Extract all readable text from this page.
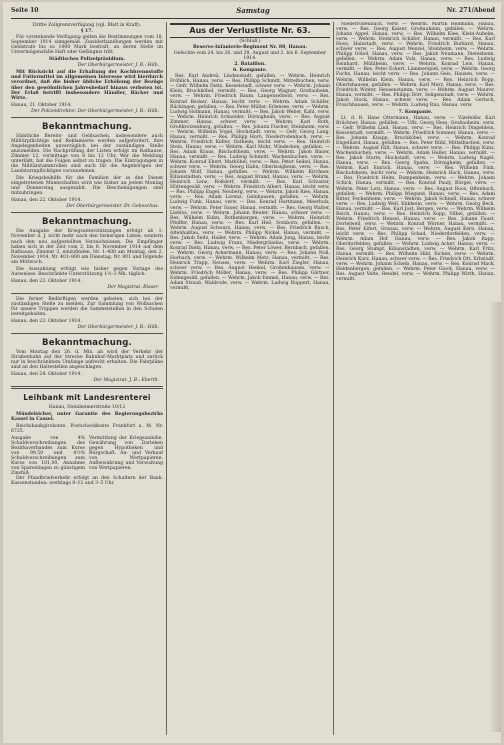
Seite 10	Samstag	Nr. 271/Abend
Dritte Zollgrenzverfügung (vgl. Blatt in Kraft).
§ 17.

Für vorstehende Verfügung gelten die Bestimmungen vom 18. September 1914 sinngemäß. Zuwiderhandlungen werden mit Geldstrafe bis zu 1000 Mark bestraft, an deren Stelle im Unvermögensfalle Haft oder Gefängnis tritt.

Städtisches Polizeipräsidium.
Der Oberbürgermeister. J. B.: Hilb.

Mit Rücksicht auf die Erhaltung der Kochhrennstoffe und Futtermittel im allgemeinen Interesse wird hierdurch verordnet, daß die bisher übliche Erhöhung der Bezüge über den gewöhnlichen Jahresbedarf hinaus verboten ist. Der Erlaß betrifft insbesondere Händler, Bäcker und Wirte.

Hanau, 21. Oktober 1914.
Der Polizeidirektor. Der Oberbürgermeister. J. B.: Hilb.
Bekanntmachung.

Sämtliche Bereits- und Geldsachen, insbesondere auch Militärpflichtige und Reklamierte werden aufgefordert, ihre Angelegenheiten unverzüglich bei der zuständigen Stelle anzumelden. Die Nachprüfung der Listen erfolgt im Rathause, Zimmer 12, vormittags von 8 bis 12 Uhr. Wer die Meldung unterläßt, hat die Folgen selbst zu tragen. Die Eintragungen in die Militärstammrollen sind auch für die Angehörigen der Landsturmpflichtigen vorzunehmen.

Die Kriegsbeihilfe für die Familien der in den Dienst eingetretenen Mannschaften wird wie bisher an jedem Montag und Donnerstag ausgezahlt. Die Bescheinigungen sind mitzubringen.

Hanau, den 22. Oktober 1914.
Der Oberbürgermeister. Dr. Gebeschus.
Bekanntmachung.

Die Ausgabe der Kriegsunterstützungen erfolgt ab 1. November d. J. nicht mehr nach den bisherigen Listen, sondern nach den neu aufgestellten Verzeichnissen. Die Empfänger haben sich in der Zeit vom 2. bis 6. November 1914 auf dem Rathause, Zimmer 3, einzufinden. Nr. 1–400 am Montag, den 2. November 1914, Nr. 401–800 am Dienstag, Nr. 801 und folgende am Mittwoch.

Die Auszahlung erfolgt wie bisher gegen Vorlage des Ausweises. Beschränkte Unterstützung 1½–3 Mk. täglich.

Hanau, den 23. Oktober 1914.
Der Magistrat. Blaser.

Die ferner Bedürftigen werden gebeten, sich bei der zuständigen Stelle zu melden. Zur Sammlung von Wollsachen für unsere Truppen werden die Sammelstellen in den Schulen bereitgehalten.

Hanau, den 23. Oktober 1914.
Der Oberbürgermeister. J. B.: Hilb.
Bekanntmachung.

Vom Montag den 26. d. Mts. ab wird der Verkehr der Straßenbahn auf der Strecke Bahnhof–Marktplatz und zurück nur in beschränktem Umfange aufrecht erhalten. Die Fahrpläne sind an den Haltestellen angeschlagen.

Hanau, den 24. Oktober 1914.
Der Magistrat. J. B.: Eberth.
Leihbank mit Landesrenterei
Hanau, Steinheimerstraße 10/12

Mündelsicher, unter Garantie des Regierungsbezirks Kassel in Cassel.

Reichsbankgirokonto. Postscheckkonto Frankfurt a. M. Nr. 6725.

Ausgabe von 4% Schuldverschreibungen des Bezirksverbandes zum Kurse von 99,50 und 4½% Schuldverschreibungen zum Kurse von 101,00. Annahme von Spareinlagen zu günstigem Zinsfuß.
Vermittlung der Kriegsanleihe. Gewährung von Darlehen gegen Hypotheken und Bürgschaft. An- und Verkauf von Wertpapieren. Aufbewahrung und Verwaltung von Wertpapieren.

Der Pfandbriefverkehr erfolgt an den Schaltern der Bank. Kassenstunden: werktags 8–12 und 3–5 Uhr.

Aus der Verlustliste Nr. 63.
(Schluß.)
Reserve-Infanterie-Regiment Nr. 88, Hanau.
Gefechte vom 24. bis 26. und 28. August und 2. bis 6. September 1914.
2. Bataillon.
6. Kompanie.

Res. Karl Andreä, Lindenstadt, gefallen. — Wehrm. Heinrich Fröhlich, Hanau, verw. — Res. Philipp Schmitt, Mittelbuchen, verw. — Gefr. Wilhelm Dietz, Kesselstadt, schwer verw. — Wehrm. Johann Klein, Bruchköbel, vermißt. — Res. Georg Wagner, Großauheim, verw. — Wehrm. Friedrich Baum, Langenselbold, verw. — Res. Konrad Becker, Hanau, leicht verw. — Wehrm. Adam Schäfer, Rückingen, gefallen. — Res. Peter Müller, Erlensee, verw. — Wehrm. Ludwig Hofmann, Hanau, vermißt. — Res. Jakob Weber, Kahl, verw. — Wehrm. Heinrich Schneider, Dörnigheim, verw. — Res. August Zimmer, Hanau, schwer verw. — Wehrm. Karl Roth, Großkrotzenburg, gefallen. — Res. Johann Fischer, Steinheim, verw. — Wehrm. Wilhelm Vogel, Hochstadt, verw. — Gefr. Georg Lang, Hanau, vermißt. — Res. Philipp Horn, Niederrodenbach, verw. — Wehrm. Friedrich Keller, Ostheim, leicht verw. — Res. Heinrich Stein, Hanau, verw. — Wehrm. Karl Mohr, Windecken, gefallen. — Res. Adam Kraus, Bischofsheim, verw. — Wehrm. Jakob Bauer, Hanau, vermißt. — Res. Ludwig Schmidt, Wachenbuchen, verw. — Wehrm. Konrad Ebert, Marköbel, verw. — Res. Peter Seibel, Hanau, schwer verw. — Wehrm. Georg Hahn, Oberissigheim, verw. — Res. Johann Wolf, Hanau, gefallen. — Wehrm. Wilhelm Kirchner, Kilianstädten, verw. — Res. August Brand, Hanau, verw. — Wehrm. Heinrich Lenz, Roßdorf, vermißt. — Res. Karl Schuster, Hüttengesäß, verw. — Wehrm. Friedrich Albert, Hanau, leicht verw. — Res. Philipp Engel, Neuberg, verw. — Wehrm. Jakob Ries, Hanau, verw. — Res. Adam Lorenz, Gelnhausen, gefallen. — Wehrm. Ludwig Funk, Hanau, verw. — Res. Konrad Hartmann, Meerholz, verw. — Wehrm. Peter Sauer, Hanau, vermißt. — Res. Georg Walter, Lieblos, verw. — Wehrm. Johann Reuter, Hanau, schwer verw. — Res. Wilhelm Kuhn, Rothenbergen, verw. — Wehrm. Heinrich Pfeiffer, Hanau, verw. — Res. Karl Heil, Somborn, gefallen. — Wehrm. August Schwarz, Hanau, verw. — Res. Friedrich Busch, Altenhaßlau, verw. — Wehrm. Philipp Nickel, Hanau, vermißt. — Res. Jakob Seitz, Hailer, verw. — Wehrm. Adam Jung, Hanau, leicht verw. — Res. Ludwig Franz, Niedergründau, verw. — Wehrm. Konrad Diehl, Hanau, verw. — Res. Peter Löwer, Bernbach, gefallen. — Wehrm. Georg Ackermann, Hanau, verw. — Res. Johann Noll, Horbach, verw. — Wehrm. Wilhelm Metz, Hanau, vermißt. — Res. Heinrich Trapp, Neuses, verw. — Wehrm. Karl Ziegler, Hanau, schwer verw. — Res. August Henkel, Großenhausen, verw. — Wehrm. Friedrich Möller, Hanau, verw. — Res. Philipp Gärtner, Eidengesäß, gefallen. — Wehrm. Jakob Emmel, Hanau, verw. — Res. Adam Straub, Waldrode, verw. — Wehrm. Ludwig Ruppert, Hanau, vermißt.

Niederrodenbach, verw. — Wehrm. Martin Heilmann, Hanau, verw. — Res. Georg Kaiser, Großauheim, gefallen. — Wehrm. Johann Appel, Hanau, verw. — Res. Wilhelm Klee, Klein-Auheim, verw. — Wehrm. Heinrich Schäfer, Hanau, vermißt. — Res. Karl Hoos, Hainstadt, verw. — Wehrm. Friedrich Burkard, Hanau, schwer verw. — Res. August Wenzel, Steinheim, verw. — Wehrm. Philipp Göbel, Hanau, verw. — Res. Jakob Neumann, Dietesheim, gefallen. — Wehrm. Adam Volz, Hanau, verw. — Res. Ludwig Reinhard, Mühlheim, verw. — Wehrm. Konrad Leis, Hanau, vermißt. — Res. Peter Eckert, Lämmerspiel, verw. — Wehrm. Georg Fuchs, Hanau, leicht verw. — Res. Johann Geis, Hausen, verw. — Wehrm. Wilhelm Klein, Hanau, verw. — Res. Heinrich Bopp, Obertshausen, gefallen. — Wehrm. Karl Merz, Hanau, verw. — Res. Friedrich Winter, Heusenstamm, verw. — Wehrm. August Maurer, Hanau, vermißt. — Res. Philipp Dörr, Seligenstadt, verw. — Wehrm. Jakob Stock, Hanau, schwer verw. — Res. Adam Gerlach, Froschhausen, verw. — Wehrm. Ludwig Rau, Hanau, verw.

7. Kompanie.

Lt. d. R. Hans Ottermann, Hanau, verw. — Vizefeldw. Karl Brückner, Hanau, gefallen. — Uffz. Georg Hess, Großauheim, verw. — Gefr. Wilhelm Lind, Hanau, verw. — Res. Heinrich Dingeldein, Kesselstadt, vermißt. — Wehrm. Friedrich Sommer, Hanau, verw. — Res. Johann Knapp, Bruchköbel, verw. — Wehrm. Konrad Engelhard, Hanau, gefallen. — Res. Peter Rühl, Mittelbuchen, verw. — Wehrm. August Hilt, Hanau, schwer verw. — Res. Philipp Kunz, Wachenbuchen, verw. — Wehrm. Adam Heller, Hanau, vermißt. — Res. Jakob Sturm, Hochstadt, verw. — Wehrm. Ludwig Nagel, Hanau, verw. — Res. Georg Spahn, Dörnigheim, gefallen. — Wehrm. Karl Emrich, Hanau, verw. — Res. Wilhelm Fink, Bischofsheim, leicht verw. — Wehrm. Heinrich Hack, Hanau, verw. — Res. Friedrich Heim, Rumpenheim, verw. — Wehrm. Johann Schick, Hanau, vermißt. — Res. Konrad Pauly, Bürgel, verw. — Wehrm. Peter Lotz, Hanau, verw. — Res. August Roos, Offenbach, gefallen. — Wehrm. Philipp Wiegand, Hanau, verw. — Res. Adam Ritter, Fechenheim, verw. — Wehrm. Jakob Schnell, Hanau, schwer verw. — Res. Ludwig Weil, Enkheim, verw. — Wehrm. Georg Beck, Hanau, vermißt. — Res. Karl Jost, Bergen, verw. — Wehrm. Wilhelm Reich, Hanau, verw. — Res. Heinrich Kopp, Vilbel, gefallen. — Wehrm. Friedrich Hensel, Hanau, verw. — Res. Johann Faust, Dortelweil, verw. — Wehrm. Konrad Wörner, Hanau, vermißt. — Res. Peter Eifert, Gronau, verw. — Wehrm. August Kern, Hanau, leicht verw. — Res. Philipp Schad, Niederdorfelden, verw. — Wehrm. Adam Hof, Hanau, verw. — Res. Jakob Rapp, Oberdorfelden, gefallen. — Wehrm. Ludwig Acker, Hanau, verw. — Res. Georg Stumpf, Kilianstädten, verw. — Wehrm. Karl Fritz, Hanau, vermißt. — Res. Wilhelm Hild, Eichen, verw. — Wehrm. Heinrich Kurz, Hanau, schwer verw. — Res. Friedrich Ott, Erbstadt, verw. — Wehrm. Johann Scheib, Hanau, verw. — Res. Konrad Mack, Heldenbergen, gefallen. — Wehrm. Peter Glock, Hanau, verw. — Res. August Velte, Rendel, verw. — Wehrm. Philipp Wirth, Hanau, vermißt.
